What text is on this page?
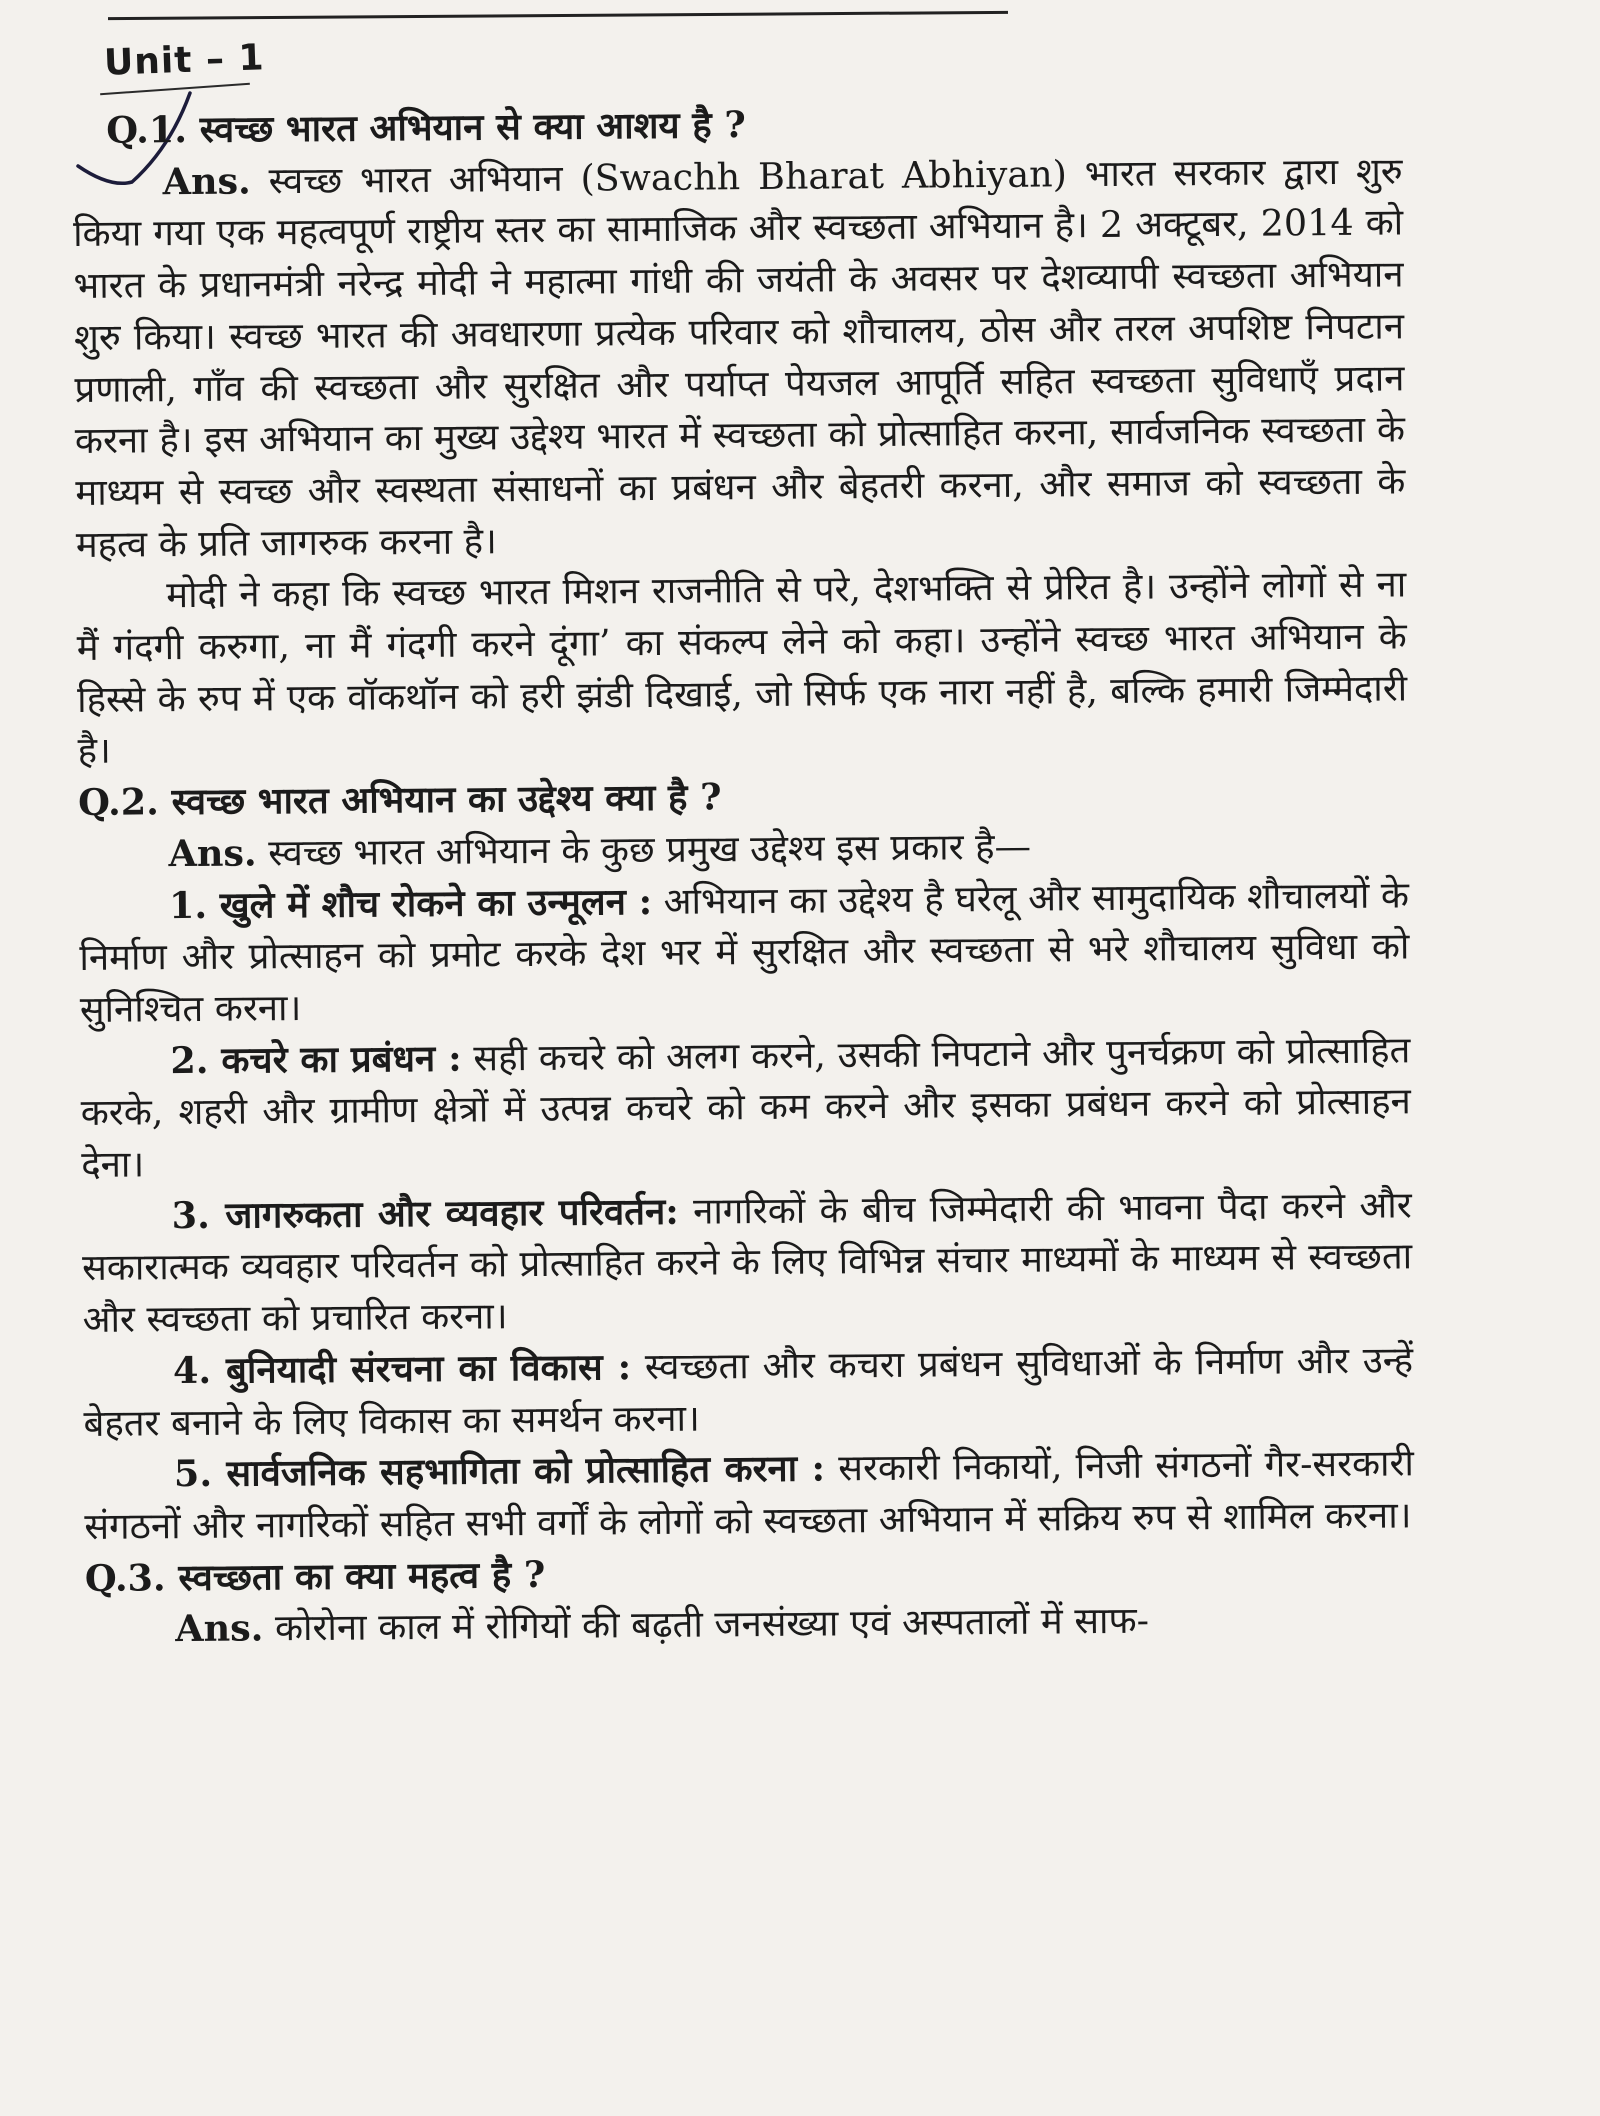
Unit – 1

Q.1. स्वच्छ भारत अभियान से क्या आशय है ?

Ans. स्वच्छ भारत अभियान (Swachh Bharat Abhiyan) भारत सरकार द्वारा शुरु किया गया एक महत्वपूर्ण राष्ट्रीय स्तर का सामाजिक और स्वच्छता अभियान है। 2 अक्टूबर, 2014 को भारत के प्रधानमंत्री नरेन्द्र मोदी ने महात्मा गांधी की जयंती के अवसर पर देशव्यापी स्वच्छता अभियान शुरु किया। स्वच्छ भारत की अवधारणा प्रत्येक परिवार को शौचालय, ठोस और तरल अपशिष्ट निपटान प्रणाली, गाँव की स्वच्छता और सुरक्षित और पर्याप्त पेयजल आपूर्ति सहित स्वच्छता सुविधाएँ प्रदान करना है। इस अभियान का मुख्य उद्देश्य भारत में स्वच्छता को प्रोत्साहित करना, सार्वजनिक स्वच्छता के माध्यम से स्वच्छ और स्वस्थता संसाधनों का प्रबंधन और बेहतरी करना, और समाज को स्वच्छता के महत्व के प्रति जागरुक करना है।

मोदी ने कहा कि स्वच्छ भारत मिशन राजनीति से परे, देशभक्ति से प्रेरित है। उन्होंने लोगों से ना मैं गंदगी करुगा, ना मैं गंदगी करने दूंगा’ का संकल्प लेने को कहा। उन्होंने स्वच्छ भारत अभियान के हिस्से के रुप में एक वॉकथॉन को हरी झंडी दिखाई, जो सिर्फ एक नारा नहीं है, बल्कि हमारी जिम्मेदारी है।

Q.2. स्वच्छ भारत अभियान का उद्देश्य क्या है ?

Ans. स्वच्छ भारत अभियान के कुछ प्रमुख उद्देश्य इस प्रकार है—

1. खुले में शौच रोकने का उन्मूलन : अभियान का उद्देश्य है घरेलू और सामुदायिक शौचालयों के निर्माण और प्रोत्साहन को प्रमोट करके देश भर में सुरक्षित और स्वच्छता से भरे शौचालय सुविधा को सुनिश्चित करना।

2. कचरे का प्रबंधन : सही कचरे को अलग करने, उसकी निपटाने और पुनर्चक्रण को प्रोत्साहित करके, शहरी और ग्रामीण क्षेत्रों में उत्पन्न कचरे को कम करने और इसका प्रबंधन करने को प्रोत्साहन देना।

3. जागरुकता और व्यवहार परिवर्तन: नागरिकों के बीच जिम्मेदारी की भावना पैदा करने और सकारात्मक व्यवहार परिवर्तन को प्रोत्साहित करने के लिए विभिन्न संचार माध्यमों के माध्यम से स्वच्छता और स्वच्छता को प्रचारित करना।

4. बुनियादी संरचना का विकास : स्वच्छता और कचरा प्रबंधन सुविधाओं के निर्माण और उन्हें बेहतर बनाने के लिए विकास का समर्थन करना।

5. सार्वजनिक सहभागिता को प्रोत्साहित करना : सरकारी निकायों, निजी संगठनों गैर-सरकारी संगठनों और नागरिकों सहित सभी वर्गों के लोगों को स्वच्छता अभियान में सक्रिय रुप से शामिल करना।

Q.3. स्वच्छता का क्या महत्व है ?

Ans. कोरोना काल में रोगियों की बढ़ती जनसंख्या एवं अस्पतालों में साफ-
